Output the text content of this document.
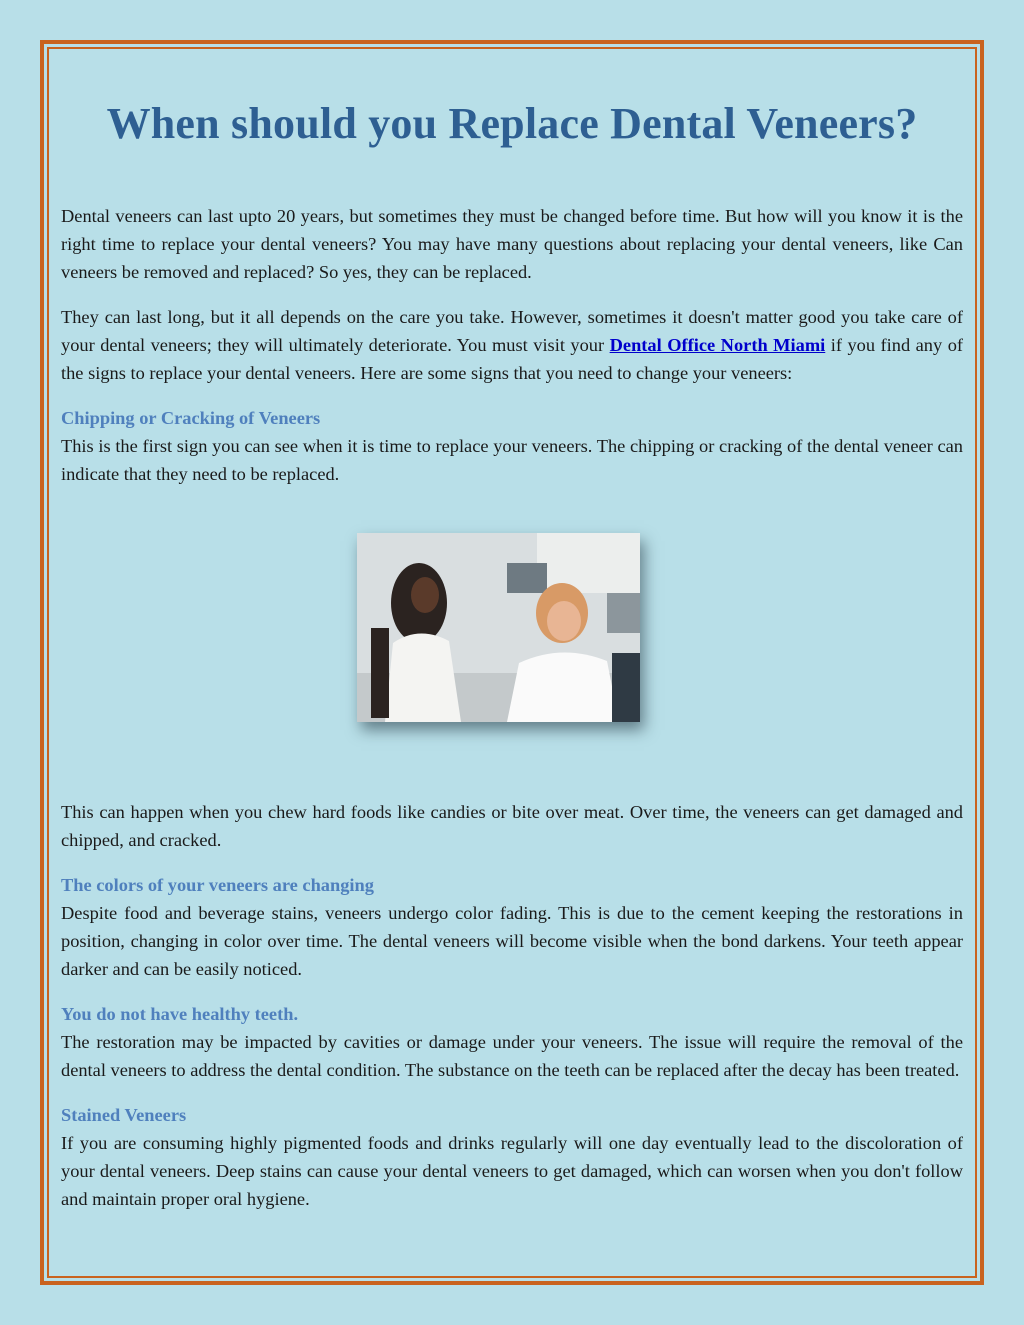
When should you Replace Dental Veneers?

Dental veneers can last upto 20 years, but sometimes they must be changed before time. But how will you know it is the right time to replace your dental veneers? You may have many questions about replacing your dental veneers, like Can veneers be removed and replaced? So yes, they can be replaced.

They can last long, but it all depends on the care you take. However, sometimes it doesn't matter good you take care of your dental veneers; they will ultimately deteriorate. You must visit your Dental Office North Miami if you find any of the signs to replace your dental veneers. Here are some signs that you need to change your veneers:

Chipping or Cracking of Veneers

This is the first sign you can see when it is time to replace your veneers. The chipping or cracking of the dental veneer can indicate that they need to be replaced.

This can happen when you chew hard foods like candies or bite over meat. Over time, the veneers can get damaged and chipped, and cracked.

The colors of your veneers are changing

Despite food and beverage stains, veneers undergo color fading. This is due to the cement keeping the restorations in position, changing in color over time. The dental veneers will become visible when the bond darkens. Your teeth appear darker and can be easily noticed.

You do not have healthy teeth.

The restoration may be impacted by cavities or damage under your veneers. The issue will require the removal of the dental veneers to address the dental condition. The substance on the teeth can be replaced after the decay has been treated.

Stained Veneers

If you are consuming highly pigmented foods and drinks regularly will one day eventually lead to the discoloration of your dental veneers. Deep stains can cause your dental veneers to get damaged, which can worsen when you don't follow and maintain proper oral hygiene.
